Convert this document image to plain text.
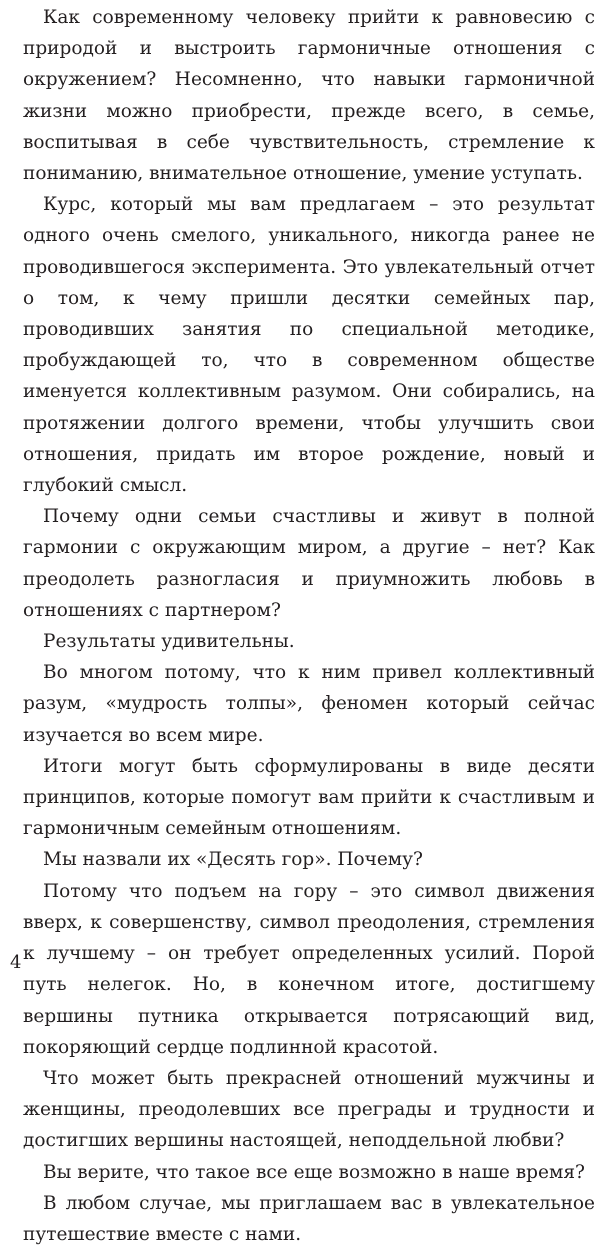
Как современному человеку прийти к равновесию с природой и выстроить гармоничные отношения с окружением? Несомненно, что навыки гармоничной жизни можно приобрести, прежде всего, в семье, воспитывая в себе чувствительность, стремление к пониманию, внимательное отношение, умение уступать.

Курс, который мы вам предлагаем – это результат одного очень смелого, уникального, никогда ранее не проводившегося эксперимента. Это увлекательный отчет о том, к чему пришли десятки семейных пар, проводивших занятия по специальной методике, пробуждающей то, что в современном обществе именуется коллективным разумом. Они собирались, на протяжении долгого времени, чтобы улучшить свои отношения, придать им второе рождение, новый и глубокий смысл.

Почему одни семьи счастливы и живут в полной гармонии с окружающим миром, а другие – нет? Как преодолеть разногласия и приумножить любовь в отношениях с партнером?

Результаты удивительны.

Во многом потому, что к ним привел коллективный разум, «мудрость толпы», феномен который сейчас изучается во всем мире.

Итоги могут быть сформулированы в виде десяти принципов, которые помогут вам прийти к счастливым и гармоничным семейным отношениям.

Мы назвали их «Десять гор». Почему?

Потому что подъем на гору – это символ движения вверх, к совершенству, символ преодоления, стремления к лучшему – он требует определенных усилий. Порой путь нелегок. Но, в конечном итоге, достигшему вершины путника открывается потрясающий вид, покоряющий сердце подлинной красотой.

Что может быть прекрасней отношений мужчины и женщины, преодолевших все преграды и трудности и достигших вершины настоящей, неподдельной любви?

Вы верите, что такое все еще возможно в наше время?

В любом случае, мы приглашаем вас в увлекательное путешествие вместе с нами.

4
